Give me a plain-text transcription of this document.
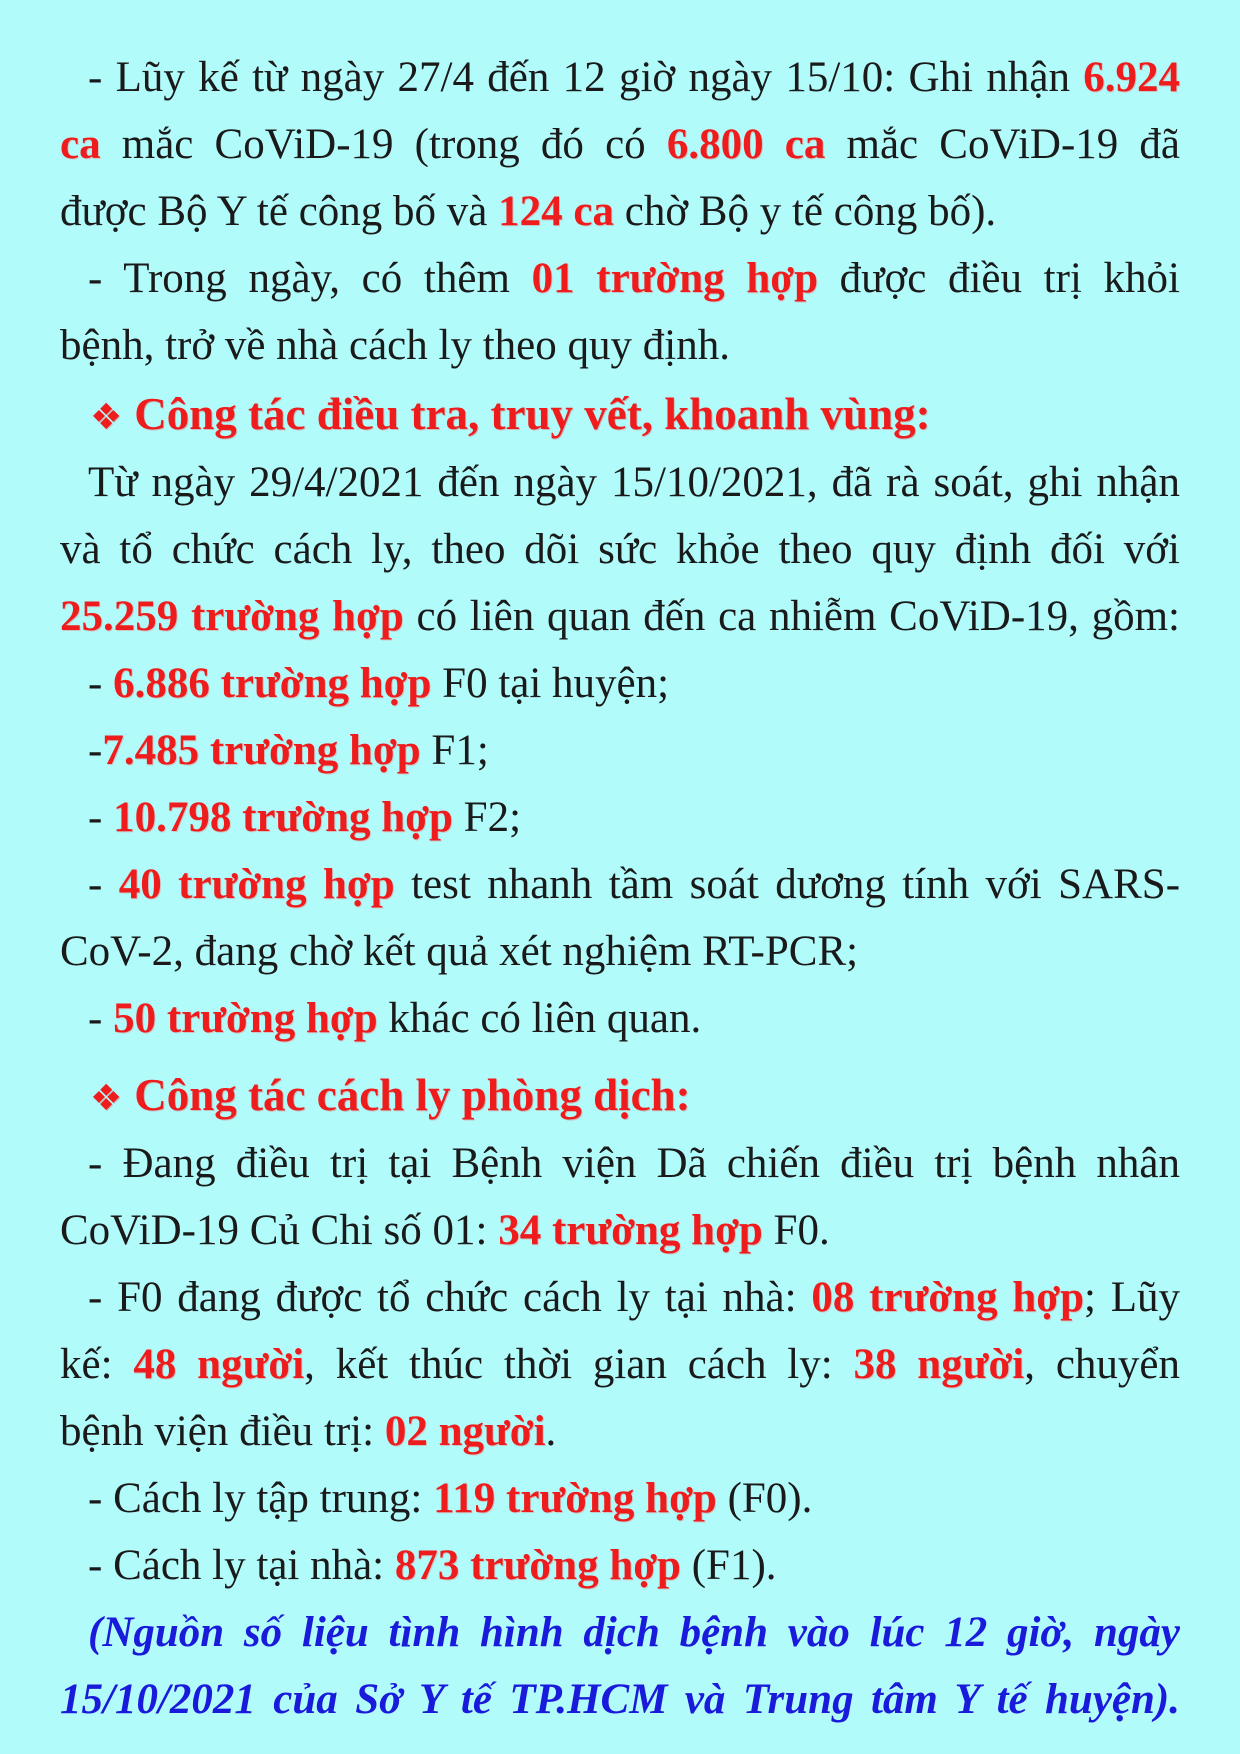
- Lũy kế từ ngày 27/4 đến 12 giờ ngày 15/10: Ghi nhận 6.924
ca mắc CoViD-19 (trong đó có 6.800 ca mắc CoViD-19 đã
được Bộ Y tế công bố và 124 ca chờ Bộ y tế công bố).
- Trong ngày, có thêm 01 trường hợp được điều trị khỏi
bệnh, trở về nhà cách ly theo quy định.
❖ Công tác điều tra, truy vết, khoanh vùng:
Từ ngày 29/4/2021 đến ngày 15/10/2021, đã rà soát, ghi nhận
và tổ chức cách ly, theo dõi sức khỏe theo quy định đối với
25.259 trường hợp có liên quan đến ca nhiễm CoViD-19, gồm:
- 6.886 trường hợp F0 tại huyện;
-7.485 trường hợp F1;
- 10.798 trường hợp F2;
- 40 trường hợp test nhanh tầm soát dương tính với SARS-
CoV-2, đang chờ kết quả xét nghiệm RT-PCR;
- 50 trường hợp khác có liên quan.
❖ Công tác cách ly phòng dịch:
- Đang điều trị tại Bệnh viện Dã chiến điều trị bệnh nhân
CoViD-19 Củ Chi số 01: 34 trường hợp F0.
- F0 đang được tổ chức cách ly tại nhà: 08 trường hợp; Lũy
kế: 48 người, kết thúc thời gian cách ly: 38 người, chuyển
bệnh viện điều trị: 02 người.
- Cách ly tập trung: 119 trường hợp (F0).
- Cách ly tại nhà: 873 trường hợp (F1).
(Nguồn số liệu tình hình dịch bệnh vào lúc 12 giờ, ngày
15/10/2021 của Sở Y tế TP.HCM và Trung tâm Y tế huyện).
